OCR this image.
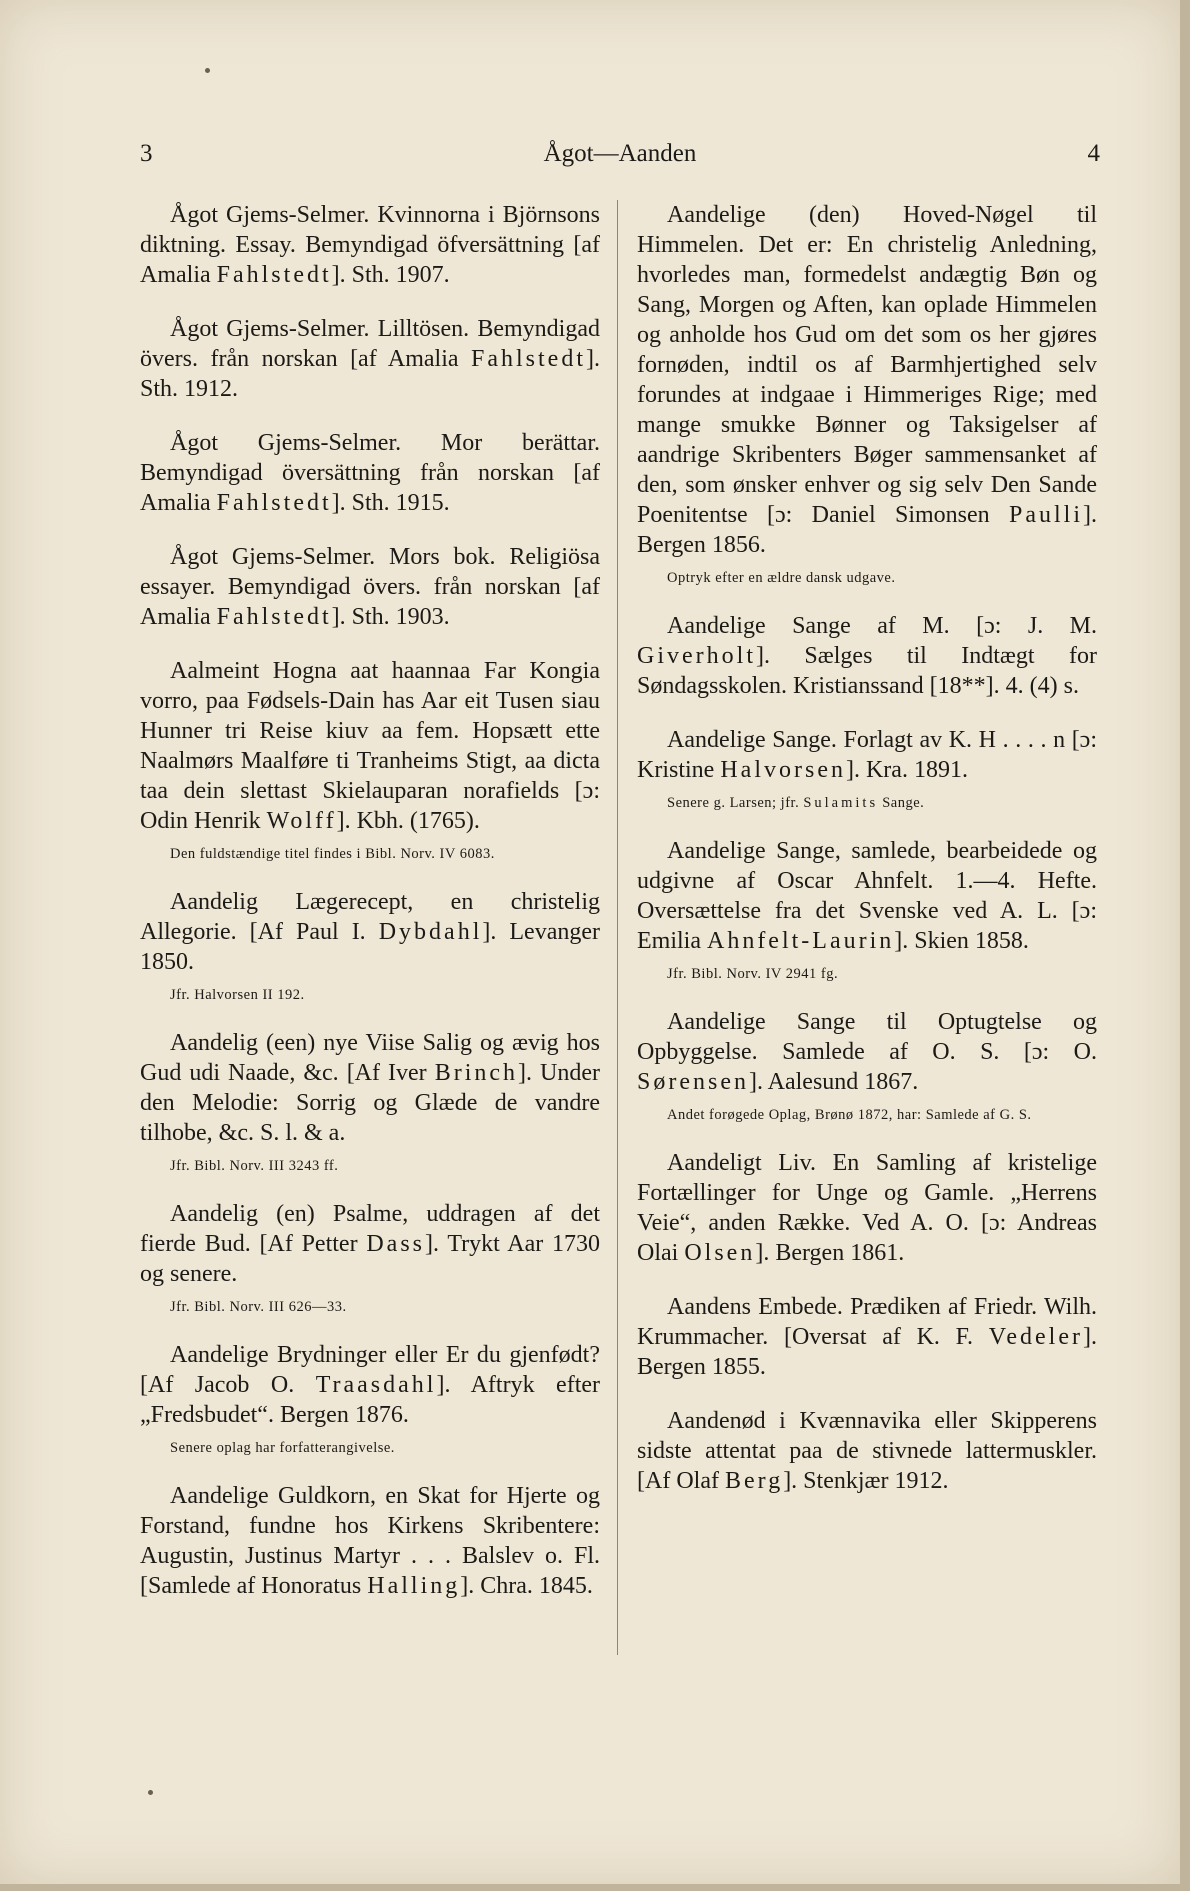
3	Ågot—Aanden	4

Ågot Gjems-Selmer. Kvinnorna i Björnsons diktning. Essay. Bemyndigad öfversättning [af Amalia Fahlstedt]. Sth. 1907.

Ågot Gjems-Selmer. Lilltösen. Bemyndigad övers. från norskan [af Amalia Fahlstedt]. Sth. 1912.

Ågot Gjems-Selmer. Mor berättar. Bemyndigad översättning från norskan [af Amalia Fahlstedt]. Sth. 1915.

Ågot Gjems-Selmer. Mors bok. Religiösa essayer. Bemyndigad övers. från norskan [af Amalia Fahlstedt]. Sth. 1903.

Aalmeint Hogna aat haannaa Far Kongia vorro, paa Fødsels-Dain has Aar eit Tusen siau Hunner tri Reise kiuv aa fem. Hopsætt ette Naalmørs Maalføre ti Tranheims Stigt, aa dicta taa dein slettast Skielauparan norafields [ɔ: Odin Henrik Wolff]. Kbh. (1765).

Den fuldstændige titel findes i Bibl. Norv. IV 6083.

Aandelig Lægerecept, en christelig Allegorie. [Af Paul I. Dybdahl]. Levanger 1850.

Jfr. Halvorsen II 192.

Aandelig (een) nye Viise Salig og ævig hos Gud udi Naade, &c. [Af Iver Brinch]. Under den Melodie: Sorrig og Glæde de vandre tilhobe, &c. S. l. & a.

Jfr. Bibl. Norv. III 3243 ff.

Aandelig (en) Psalme, uddragen af det fierde Bud. [Af Petter Dass]. Trykt Aar 1730 og senere.

Jfr. Bibl. Norv. III 626—33.

Aandelige Brydninger eller Er du gjenfødt? [Af Jacob O. Traasdahl]. Aftryk efter „Fredsbudet“. Bergen 1876.

Senere oplag har forfatterangivelse.

Aandelige Guldkorn, en Skat for Hjerte og Forstand, fundne hos Kirkens Skribentere: Augustin, Justinus Martyr . . . Balslev o. Fl. [Samlede af Honoratus Halling]. Chra. 1845.

Aandelige (den) Hoved-Nøgel til Himmelen. Det er: En christelig Anledning, hvorledes man, formedelst andægtig Bøn og Sang, Morgen og Aften, kan oplade Himmelen og anholde hos Gud om det som os her gjøres fornøden, indtil os af Barmhjertighed selv forundes at indgaae i Himmeriges Rige; med mange smukke Bønner og Taksigelser af aandrige Skribenters Bøger sammensanket af den, som ønsker enhver og sig selv Den Sande Poenitentse [ɔ: Daniel Simonsen Paulli]. Bergen 1856.

Optryk efter en ældre dansk udgave.

Aandelige Sange af M. [ɔ: J. M. Giverholt]. Sælges til Indtægt for Søndagsskolen. Kristianssand [18**]. 4. (4) s.

Aandelige Sange. Forlagt av K. H . . . . n [ɔ: Kristine Halvorsen]. Kra. 1891.

Senere g. Larsen; jfr. Sulamits Sange.

Aandelige Sange, samlede, bearbeidede og udgivne af Oscar Ahnfelt. 1.—4. Hefte. Oversættelse fra det Svenske ved A. L. [ɔ: Emilia Ahnfelt-Laurin]. Skien 1858.

Jfr. Bibl. Norv. IV 2941 fg.

Aandelige Sange til Optugtelse og Opbyggelse. Samlede af O. S. [ɔ: O. Sørensen]. Aalesund 1867.

Andet forøgede Oplag, Brønø 1872, har: Samlede af G. S.

Aandeligt Liv. En Samling af kristelige Fortællinger for Unge og Gamle. „Herrens Veie“, anden Række. Ved A. O. [ɔ: Andreas Olai Olsen]. Bergen 1861.

Aandens Embede. Prædiken af Friedr. Wilh. Krummacher. [Oversat af K. F. Vedeler]. Bergen 1855.

Aandenød i Kvænnavika eller Skipperens sidste attentat paa de stivnede lattermuskler. [Af Olaf Berg]. Stenkjær 1912.
